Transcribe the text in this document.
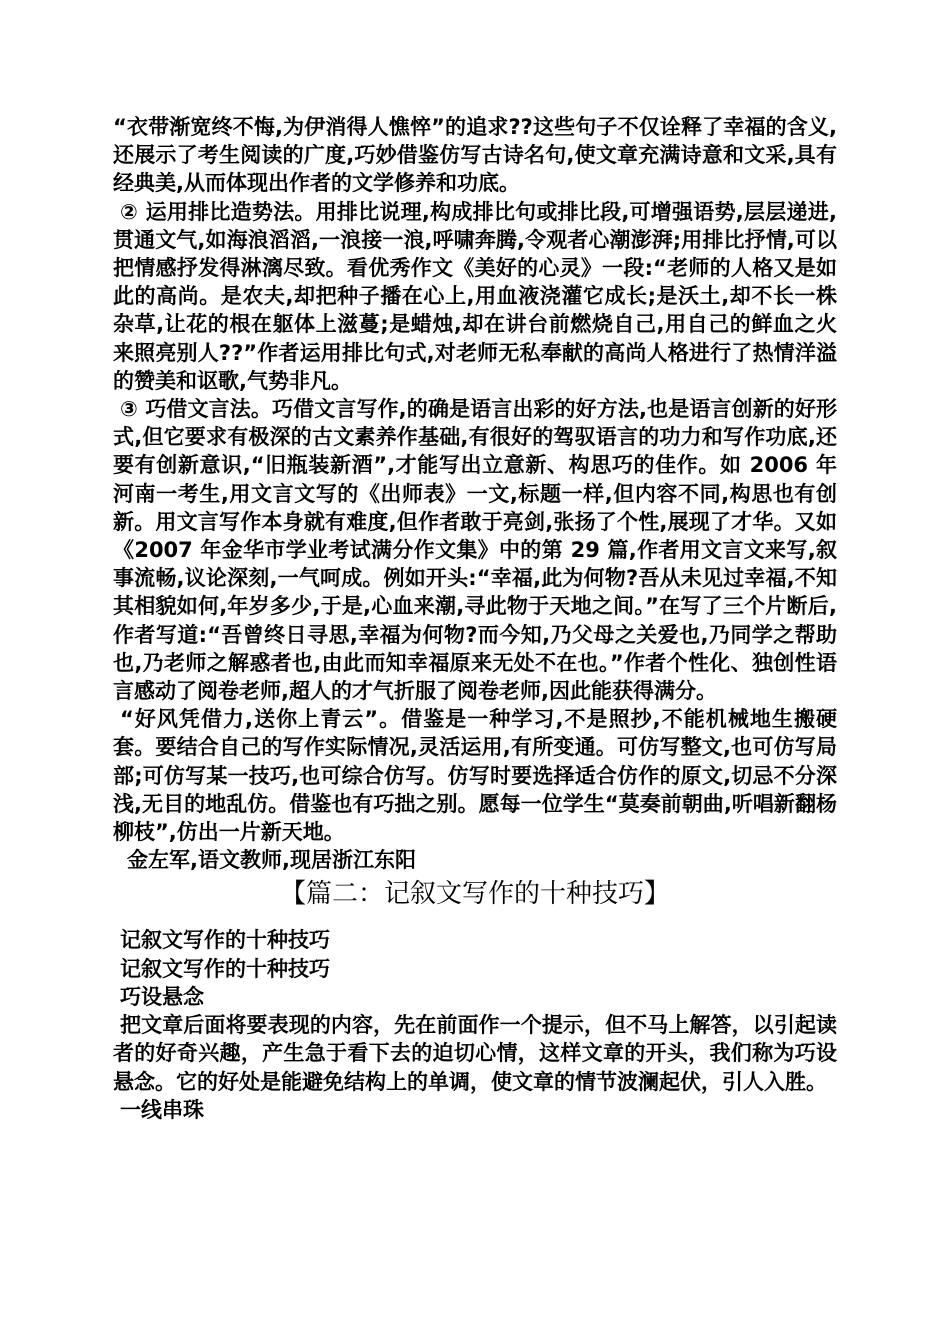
“衣带渐宽终不悔,为伊消得人憔悴”的追求??这些句子不仅诠释了幸福的含义,还展示了考生阅读的广度,巧妙借鉴仿写古诗名句,使文章充满诗意和文采,具有经典美,从而体现出作者的文学修养和功底。

② 运用排比造势法。用排比说理,构成排比句或排比段,可增强语势,层层递进,贯通文气,如海浪滔滔,一浪接一浪,呼啸奔腾,令观者心潮澎湃;用排比抒情,可以把情感抒发得淋漓尽致。看优秀作文《美好的心灵》一段:“老师的人格又是如此的高尚。是农夫,却把种子播在心上,用血液浇灌它成长;是沃土,却不长一株杂草,让花的根在躯体上滋蔓;是蜡烛,却在讲台前燃烧自己,用自己的鲜血之火来照亮别人??”作者运用排比句式,对老师无私奉献的高尚人格进行了热情洋溢的赞美和讴歌,气势非凡。

③ 巧借文言法。巧借文言写作,的确是语言出彩的好方法,也是语言创新的好形式,但它要求有极深的古文素养作基础,有很好的驾驭语言的功力和写作功底,还要有创新意识,“旧瓶装新酒”,才能写出立意新、构思巧的佳作。如 2006 年河南一考生,用文言文写的《出师表》一文,标题一样,但内容不同,构思也有创新。用文言写作本身就有难度,但作者敢于亮剑,张扬了个性,展现了才华。又如《2007 年金华市学业考试满分作文集》中的第 29 篇,作者用文言文来写,叙事流畅,议论深刻,一气呵成。例如开头:“幸福,此为何物?吾从未见过幸福,不知其相貌如何,年岁多少,于是,心血来潮,寻此物于天地之间。”在写了三个片断后,作者写道:“吾曾终日寻思,幸福为何物?而今知,乃父母之关爱也,乃同学之帮助也,乃老师之解惑者也,由此而知幸福原来无处不在也。”作者个性化、独创性语言感动了阅卷老师,超人的才气折服了阅卷老师,因此能获得满分。

“好风凭借力,送你上青云”。借鉴是一种学习,不是照抄,不能机械地生搬硬套。要结合自己的写作实际情况,灵活运用,有所变通。可仿写整文,也可仿写局部;可仿写某一技巧,也可综合仿写。仿写时要选择适合仿作的原文,切忌不分深浅,无目的地乱仿。借鉴也有巧拙之别。愿每一位学生“莫奏前朝曲,听唱新翻杨柳枝”,仿出一片新天地。

金左军,语文教师,现居浙江东阳

【篇二：记叙文写作的十种技巧】

记叙文写作的十种技巧

记叙文写作的十种技巧

巧设悬念

把文章后面将要表现的内容，先在前面作一个提示，但不马上解答，以引起读者的好奇兴趣，产生急于看下去的迫切心情，这样文章的开头，我们称为巧设悬念。它的好处是能避免结构上的单调，使文章的情节波澜起伏，引人入胜。

一线串珠
